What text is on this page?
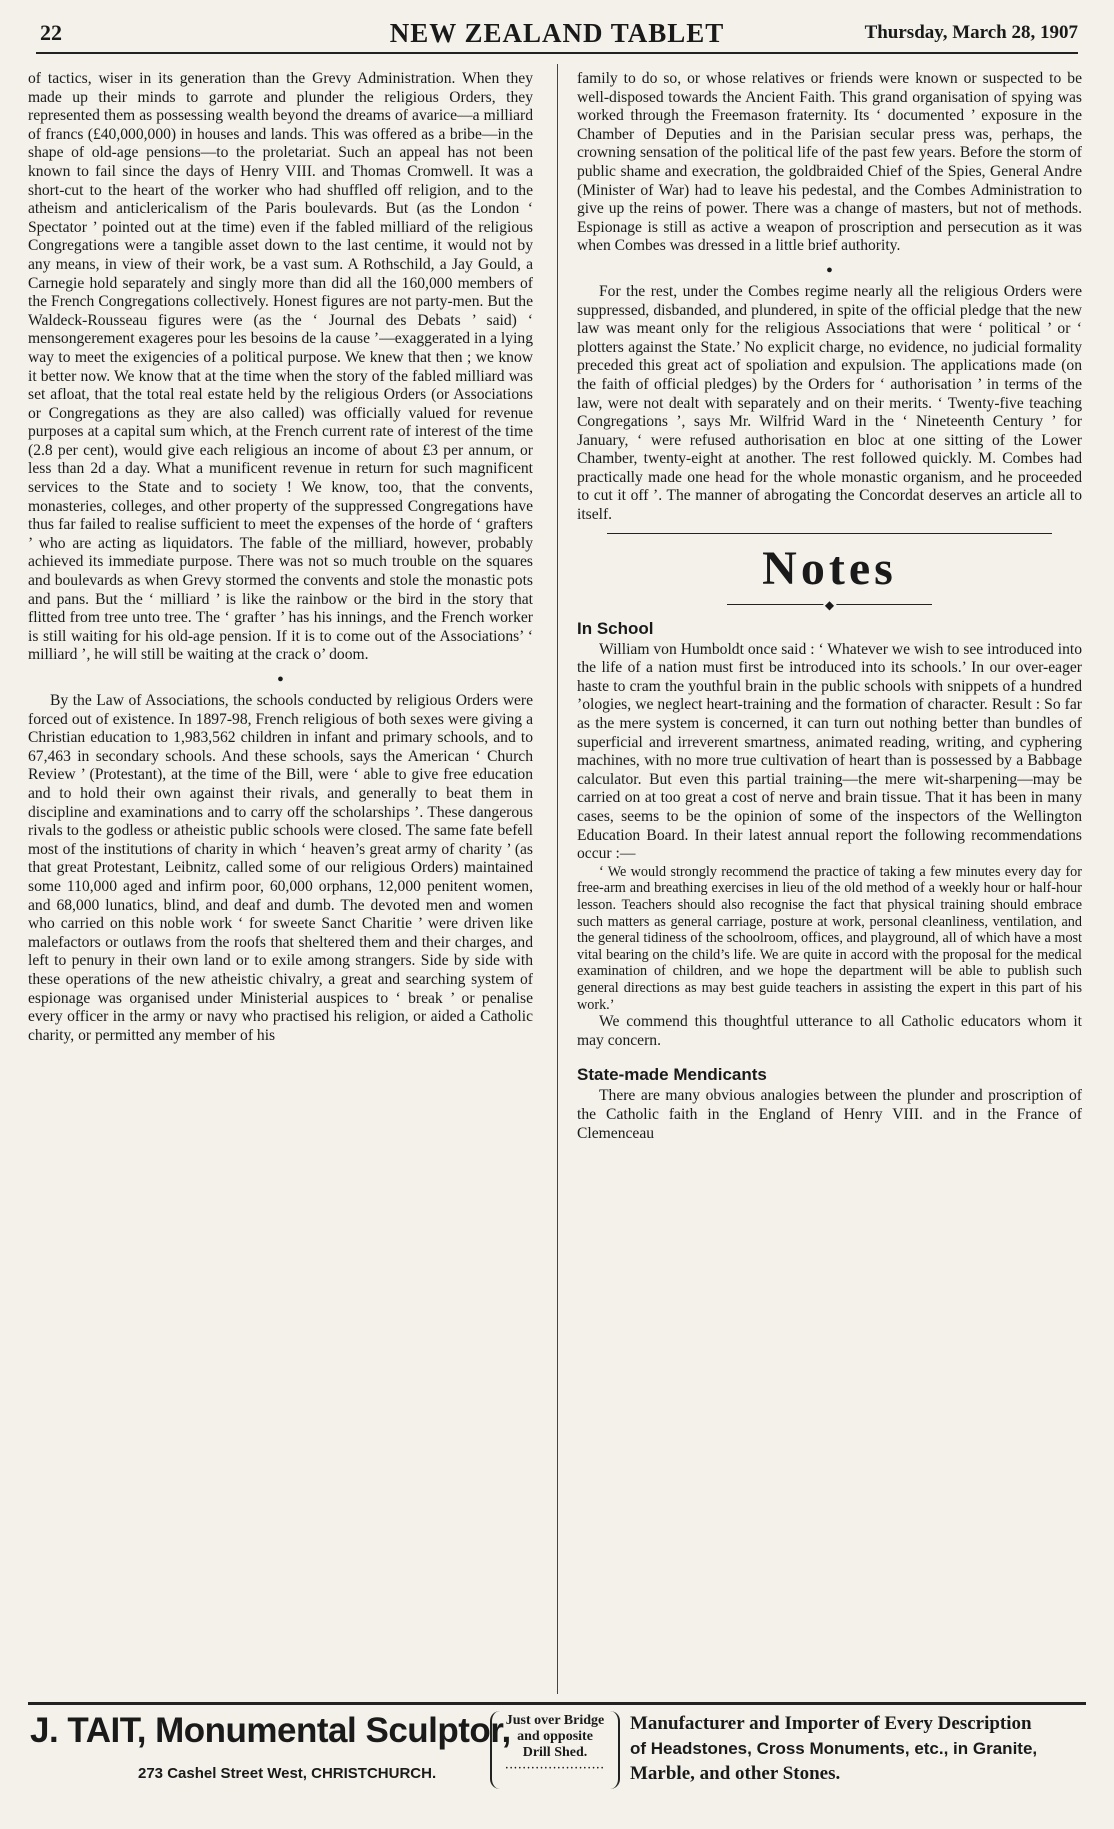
22	NEW ZEALAND TABLET	Thursday, March 28, 1907

of tactics, wiser in its generation than the Grevy Administration. When they made up their minds to garrote and plunder the religious Orders, they represented them as possessing wealth beyond the dreams of avarice—a milliard of francs (£40,000,000) in houses and lands. This was offered as a bribe—in the shape of old-age pensions—to the proletariat. Such an appeal has not been known to fail since the days of Henry VIII. and Thomas Cromwell. It was a short-cut to the heart of the worker who had shuffled off religion, and to the atheism and anticlericalism of the Paris boulevards. But (as the London ‘ Spectator ’ pointed out at the time) even if the fabled milliard of the religious Congregations were a tangible asset down to the last centime, it would not by any means, in view of their work, be a vast sum. A Rothschild, a Jay Gould, a Carnegie hold separately and singly more than did all the 160,000 members of the French Congregations collectively. Honest figures are not party-men. But the Waldeck-Rousseau figures were (as the ‘ Journal des Debats ’ said) ‘ mensongerement exageres pour les besoins de la cause ’—exaggerated in a lying way to meet the exigencies of a political purpose. We knew that then ; we know it better now. We know that at the time when the story of the fabled milliard was set afloat, that the total real estate held by the religious Orders (or Associations or Congregations as they are also called) was officially valued for revenue purposes at a capital sum which, at the French current rate of interest of the time (2.8 per cent), would give each religious an income of about £3 per annum, or less than 2d a day. What a munificent revenue in return for such magnificent services to the State and to society ! We know, too, that the convents, monasteries, colleges, and other property of the suppressed Congregations have thus far failed to realise sufficient to meet the expenses of the horde of ‘ grafters ’ who are acting as liquidators. The fable of the milliard, however, probably achieved its immediate purpose. There was not so much trouble on the squares and boulevards as when Grevy stormed the convents and stole the monastic pots and pans. But the ‘ milliard ’ is like the rainbow or the bird in the story that flitted from tree unto tree. The ‘ grafter ’ has his innings, and the French worker is still waiting for his old-age pension. If it is to come out of the Associations’ ‘ milliard ’, he will still be waiting at the crack o’ doom.

●

By the Law of Associations, the schools conducted by religious Orders were forced out of existence. In 1897-98, French religious of both sexes were giving a Christian education to 1,983,562 children in infant and primary schools, and to 67,463 in secondary schools. And these schools, says the American ‘ Church Review ’ (Protestant), at the time of the Bill, were ‘ able to give free education and to hold their own against their rivals, and generally to beat them in discipline and examinations and to carry off the scholarships ’. These dangerous rivals to the godless or atheistic public schools were closed. The same fate befell most of the institutions of charity in which ‘ heaven’s great army of charity ’ (as that great Protestant, Leibnitz, called some of our religious Orders) maintained some 110,000 aged and infirm poor, 60,000 orphans, 12,000 penitent women, and 68,000 lunatics, blind, and deaf and dumb. The devoted men and women who carried on this noble work ‘ for sweete Sanct Charitie ’ were driven like malefactors or outlaws from the roofs that sheltered them and their charges, and left to penury in their own land or to exile among strangers. Side by side with these operations of the new atheistic chivalry, a great and searching system of espionage was organised under Ministerial auspices to ‘ break ’ or penalise every officer in the army or navy who practised his religion, or aided a Catholic charity, or permitted any member of his

family to do so, or whose relatives or friends were known or suspected to be well-disposed towards the Ancient Faith. This grand organisation of spying was worked through the Freemason fraternity. Its ‘ documented ’ exposure in the Chamber of Deputies and in the Parisian secular press was, perhaps, the crowning sensation of the political life of the past few years. Before the storm of public shame and execration, the goldbraided Chief of the Spies, General Andre (Minister of War) had to leave his pedestal, and the Combes Administration to give up the reins of power. There was a change of masters, but not of methods. Espionage is still as active a weapon of proscription and persecution as it was when Combes was dressed in a little brief authority.

●

For the rest, under the Combes regime nearly all the religious Orders were suppressed, disbanded, and plundered, in spite of the official pledge that the new law was meant only for the religious Associations that were ‘ political ’ or ‘ plotters against the State.’ No explicit charge, no evidence, no judicial formality preceded this great act of spoliation and expulsion. The applications made (on the faith of official pledges) by the Orders for ‘ authorisation ’ in terms of the law, were not dealt with separately and on their merits. ‘ Twenty-five teaching Congregations ’, says Mr. Wilfrid Ward in the ‘ Nineteenth Century ’ for January, ‘ were refused authorisation en bloc at one sitting of the Lower Chamber, twenty-eight at another. The rest followed quickly. M. Combes had practically made one head for the whole monastic organism, and he proceeded to cut it off ’. The manner of abrogating the Concordat deserves an article all to itself.

Notes
◆
In School

William von Humboldt once said : ‘ Whatever we wish to see introduced into the life of a nation must first be introduced into its schools.’ In our over-eager haste to cram the youthful brain in the public schools with snippets of a hundred ’ologies, we neglect heart-training and the formation of character. Result : So far as the mere system is concerned, it can turn out nothing better than bundles of superficial and irreverent smartness, animated reading, writing, and cyphering machines, with no more true cultivation of heart than is possessed by a Babbage calculator. But even this partial training—the mere wit-sharpening—may be carried on at too great a cost of nerve and brain tissue. That it has been in many cases, seems to be the opinion of some of the inspectors of the Wellington Education Board. In their latest annual report the following recommendations occur :—

‘ We would strongly recommend the practice of taking a few minutes every day for free-arm and breathing exercises in lieu of the old method of a weekly hour or half-hour lesson. Teachers should also recognise the fact that physical training should embrace such matters as general carriage, posture at work, personal cleanliness, ventilation, and the general tidiness of the schoolroom, offices, and playground, all of which have a most vital bearing on the child’s life. We are quite in accord with the proposal for the medical examination of children, and we hope the department will be able to publish such general directions as may best guide teachers in assisting the expert in this part of his work.’

We commend this thoughtful utterance to all Catholic educators whom it may concern.

State-made Mendicants

There are many obvious analogies between the plunder and proscription of the Catholic faith in the England of Henry VIII. and in the France of Clemenceau

J. TAIT, Monumental Sculptor,
273 Cashel Street West, CHRISTCHURCH.
Just over Bridge
and opposite
Drill Shed.
·······················
Manufacturer and Importer of Every Description
of Headstones, Cross Monuments, etc., in Granite,
Marble, and other Stones.
